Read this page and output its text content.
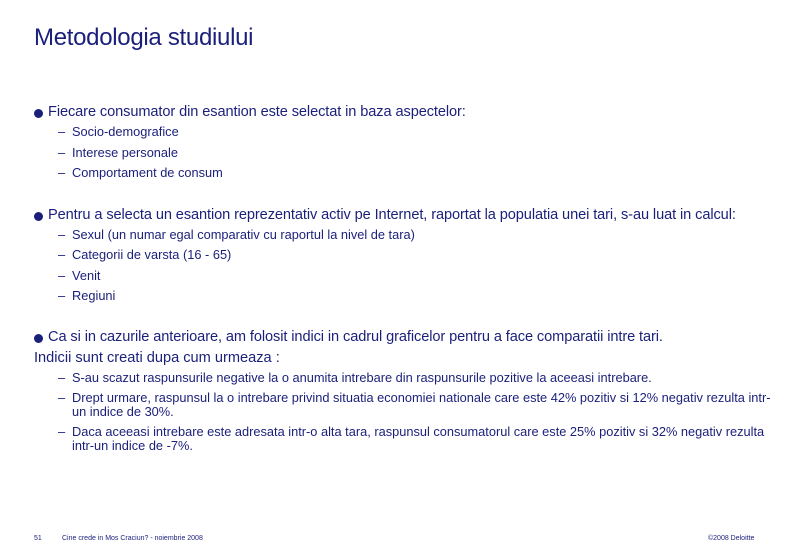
Metodologia studiului
Fiecare consumator din esantion este selectat in baza aspectelor:
– Socio-demografice
– Interese personale
– Comportament de consum
Pentru a selecta un esantion reprezentativ activ pe Internet, raportat la populatia unei tari, s-au luat in calcul:
– Sexul (un numar egal comparativ cu raportul la nivel de tara)
– Categorii de varsta (16 - 65)
– Venit
– Regiuni
Ca si in cazurile anterioare, am folosit indici in cadrul graficelor pentru a face comparatii intre tari.
Indicii sunt creati dupa cum urmeaza :
– S-au scazut raspunsurile negative la o anumita intrebare din raspunsurile pozitive la aceeasi intrebare.
– Drept urmare, raspunsul la o intrebare privind situatia economiei nationale care este 42% pozitiv si 12% negativ rezulta intr-un indice de 30%.
– Daca aceeasi intrebare este adresata intr-o alta tara, raspunsul consumatorul care este 25% pozitiv si 32% negativ rezulta intr-un indice de -7%.
51	Cine crede in Mos Craciun? - noiembrie 2008	©2008 Deloitte
